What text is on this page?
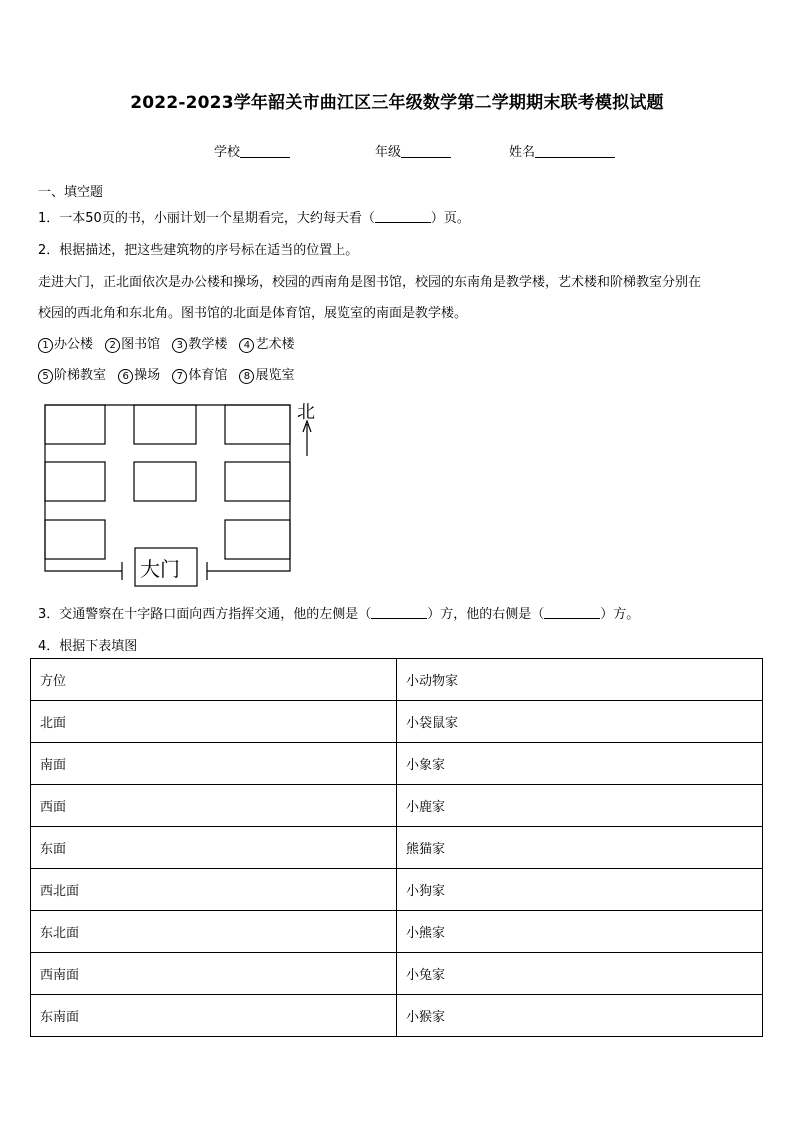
2022-2023学年韶关市曲江区三年级数学第二学期期末联考模拟试题
学校	年级	姓名
一、填空题
1．一本50页的书，小丽计划一个星期看完，大约每天看（	）页。
2．根据描述，把这些建筑物的序号标在适当的位置上。
走进大门，正北面依次是办公楼和操场，校园的西南角是图书馆，校园的东南角是教学楼，艺术楼和阶梯教室分别在
校园的西北角和东北角。图书馆的北面是体育馆，展览室的南面是教学楼。
1 办公楼 2 图书馆 3 教学楼 4 艺术楼
5 阶梯教室 6 操场 7 体育馆 8 展览室
北
大门
3．交通警察在十字路口面向西方指挥交通，他的左侧是（	）方，他的右侧是（	）方。
4．根据下表填图
方位	小动物家
北面	小袋鼠家
南面	小象家
西面	小鹿家
东面	熊猫家
西北面	小狗家
东北面	小熊家
西南面	小兔家
东南面	小猴家
